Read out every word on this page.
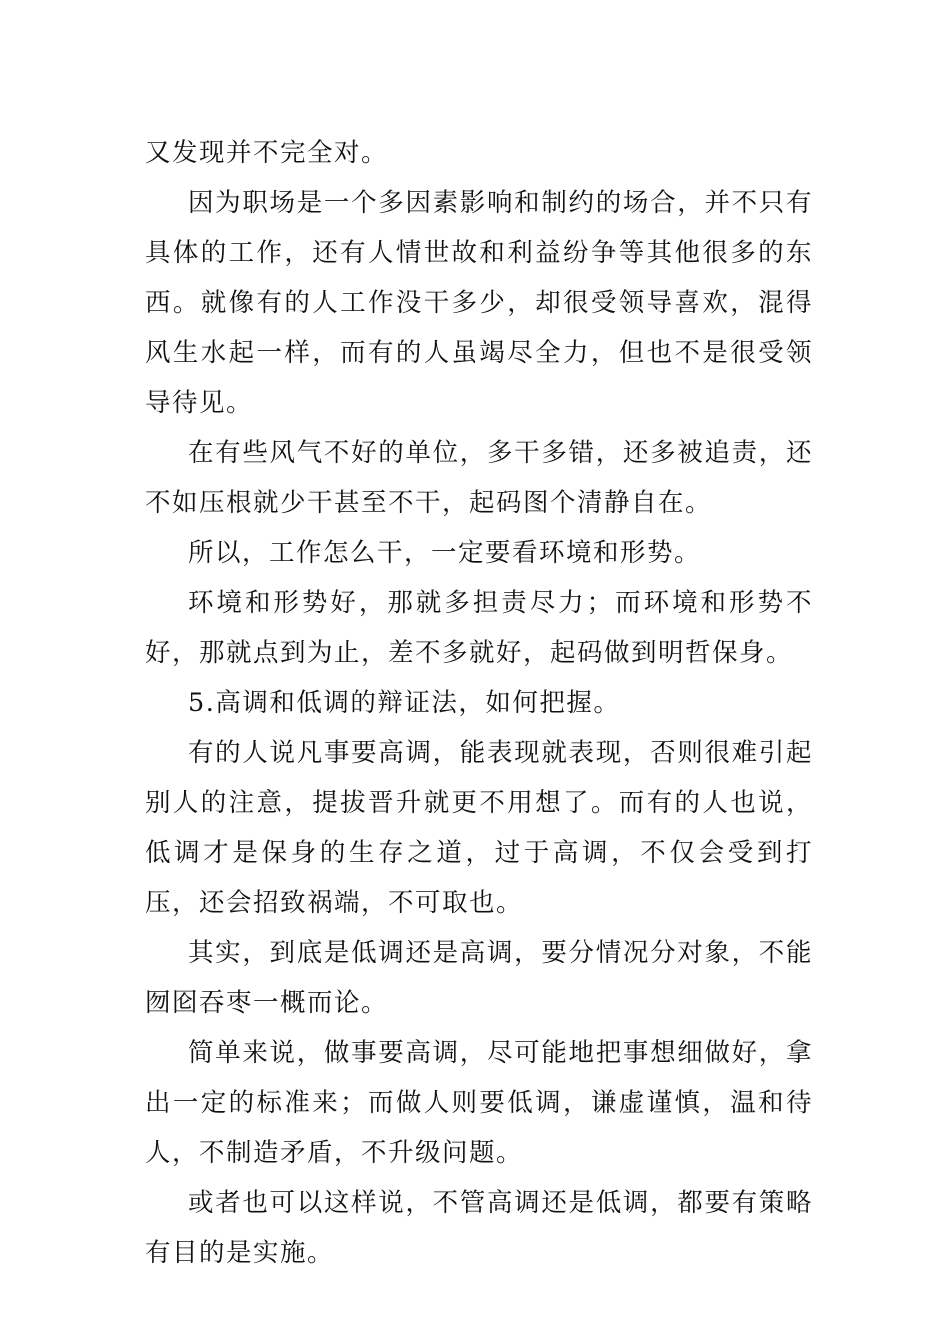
又发现并不完全对。

因为职场是一个多因素影响和制约的场合，并不只有具体的工作，还有人情世故和利益纷争等其他很多的东西。就像有的人工作没干多少，却很受领导喜欢，混得风生水起一样，而有的人虽竭尽全力，但也不是很受领导待见。

在有些风气不好的单位，多干多错，还多被追责，还不如压根就少干甚至不干，起码图个清静自在。

所以，工作怎么干，一定要看环境和形势。

环境和形势好，那就多担责尽力；而环境和形势不好，那就点到为止，差不多就好，起码做到明哲保身。

5.高调和低调的辩证法，如何把握。

有的人说凡事要高调，能表现就表现，否则很难引起别人的注意，提拔晋升就更不用想了。而有的人也说，低调才是保身的生存之道，过于高调，不仅会受到打压，还会招致祸端，不可取也。

其实，到底是低调还是高调，要分情况分对象，不能囫囵吞枣一概而论。

简单来说，做事要高调，尽可能地把事想细做好，拿出一定的标准来；而做人则要低调，谦虚谨慎，温和待人，不制造矛盾，不升级问题。

或者也可以这样说，不管高调还是低调，都要有策略有目的是实施。
